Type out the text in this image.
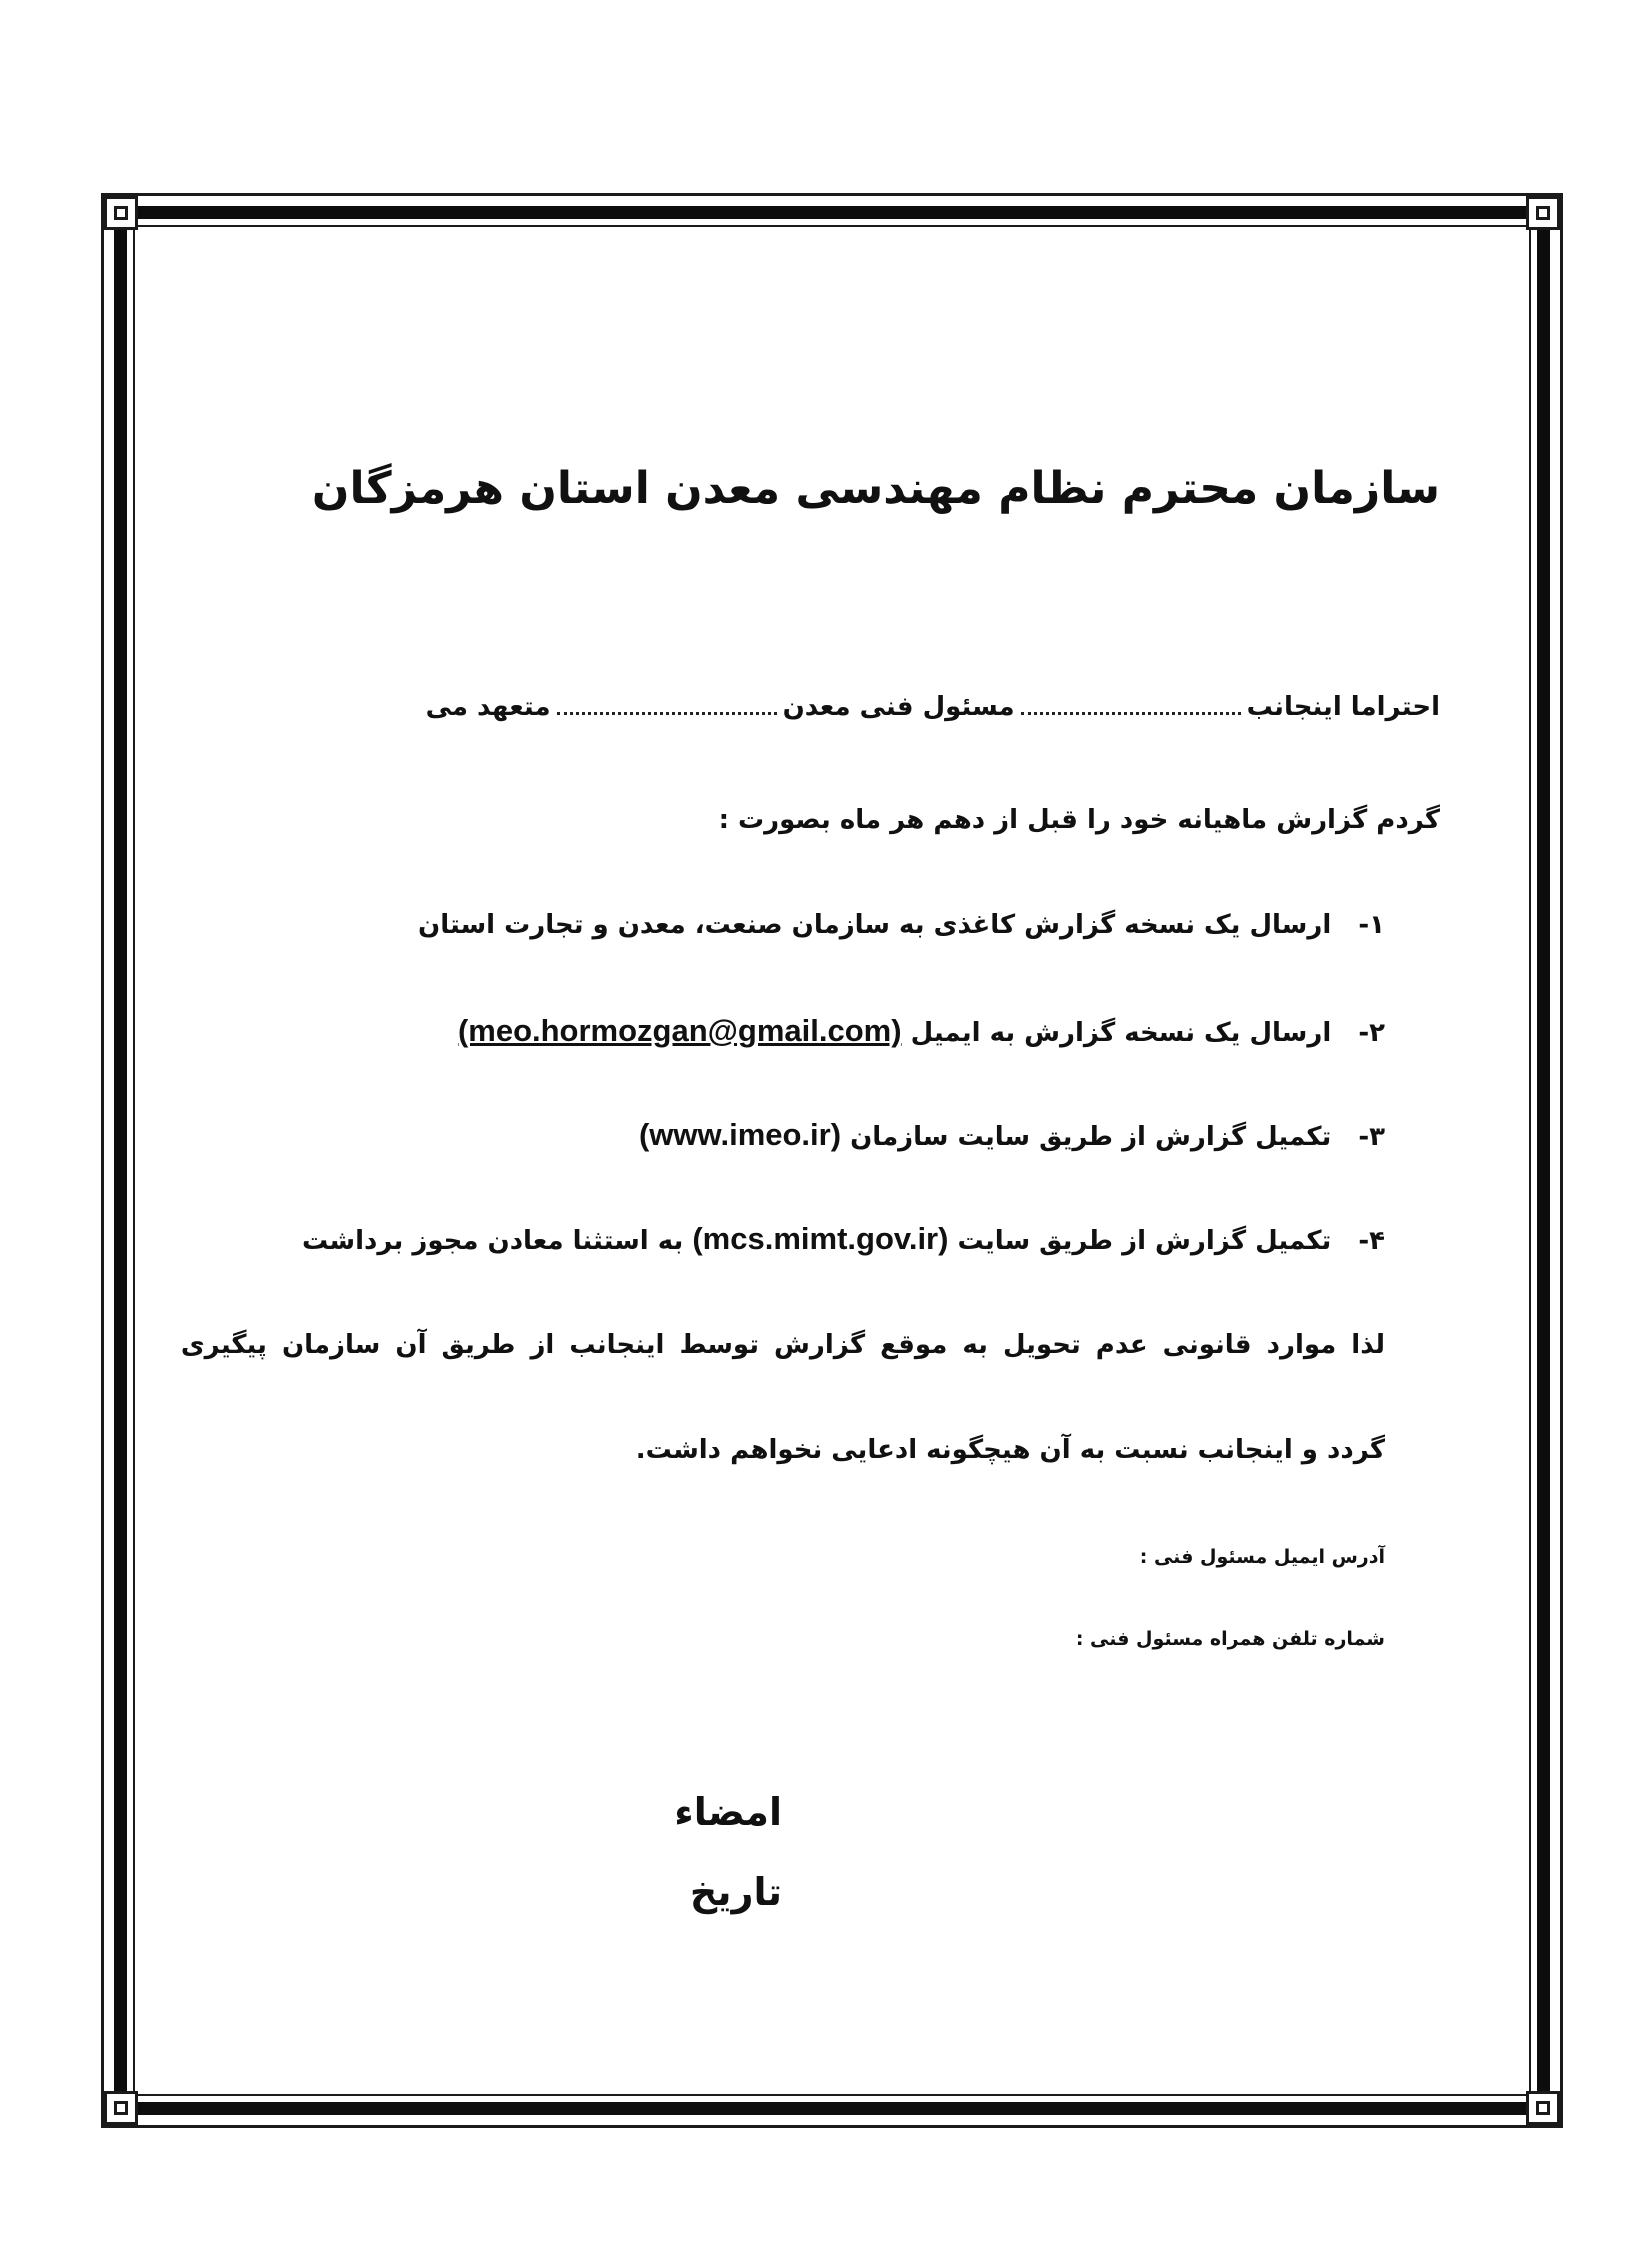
سازمان محترم نظام مهندسی معدن استان هرمزگان
احتراما اینجانب
مسئول فنی معدن
متعهد می
گردم گزارش ماهیانه خود را قبل از دهم هر ماه بصورت :
۱- ارسال یک نسخه گزارش کاغذی به سازمان صنعت، معدن و تجارت استان
۲- ارسال یک نسخه گزارش به ایمیل (meo.hormozgan@gmail.com)
۳- تکمیل گزارش از طریق سایت سازمان (www.imeo.ir)
۴- تکمیل گزارش از طریق سایت (mcs.mimt.gov.ir) به استثنا معادن مجوز برداشت
لذا موارد قانونی عدم تحویل به موقع گزارش توسط اینجانب از طریق آن سازمان پیگیری
گردد و اینجانب نسبت به آن هیچگونه ادعایی نخواهم داشت.
آدرس ایمیل مسئول فنی :
شماره تلفن همراه مسئول فنی :
امضاء
تاریخ
